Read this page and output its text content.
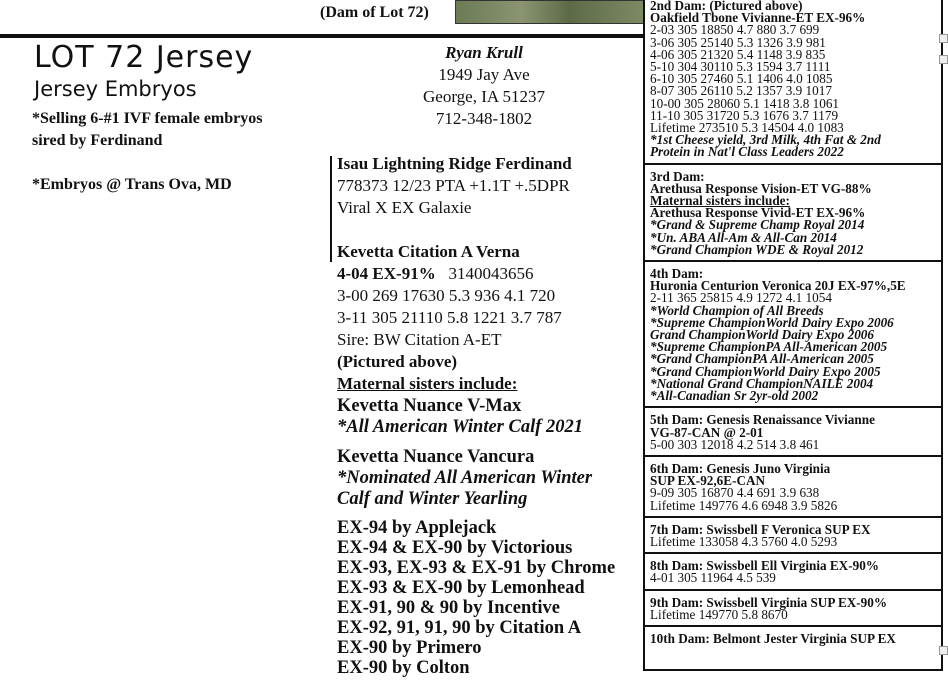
(Dam of Lot 72)
LOT 72 Jersey
Jersey Embryos
*Selling 6-#1 IVF female embryos
sired by Ferdinand
*Embryos @ Trans Ova, MD
Ryan Krull
1949 Jay Ave
George, IA 51237
712-348-1802
Isau Lightning Ridge Ferdinand
778373 12/23 PTA +1.1T +.5DPR
Viral X EX Galaxie
Kevetta Citation A Verna
4-04 EX-91% 3140043656
3-00 269 17630 5.3 936 4.1 720
3-11 305 21110 5.8 1221 3.7 787
Sire: BW Citation A-ET
(Pictured above)
Maternal sisters include:
Kevetta Nuance V-Max
*All American Winter Calf 2021
Kevetta Nuance Vancura
*Nominated All American Winter
Calf and Winter Yearling
EX-94 by Applejack
EX-94 & EX-90 by Victorious
EX-93, EX-93 & EX-91 by Chrome
EX-93 & EX-90 by Lemonhead
EX-91, 90 & 90 by Incentive
EX-92, 91, 91, 90 by Citation A
EX-90 by Primero
EX-90 by Colton
2nd Dam: (Pictured above)
Oakfield Tbone Vivianne-ET EX-96%
2-03 305 18850 4.7 880 3.7 699
3-06 305 25140 5.3 1326 3.9 981
4-06 305 21320 5.4 1148 3.9 835
5-10 304 30110 5.3 1594 3.7 1111
6-10 305 27460 5.1 1406 4.0 1085
8-07 305 26110 5.2 1357 3.9 1017
10-00 305 28060 5.1 1418 3.8 1061
11-10 305 31720 5.3 1676 3.7 1179
Lifetime 273510 5.3 14504 4.0 1083
*1st Cheese yield, 3rd Milk, 4th Fat & 2nd
Protein in Nat'l Class Leaders 2022
3rd Dam:
Arethusa Response Vision-ET VG-88%
Maternal sisters include:
Arethusa Response Vivid-ET EX-96%
*Grand & Supreme Champ Royal 2014
*Un. ABA All-Am & All-Can 2014
*Grand Champion WDE & Royal 2012
4th Dam:
Huronia Centurion Veronica 20J EX-97%,5E
2-11 365 25815 4.9 1272 4.1 1054
*World Champion of All Breeds
*Supreme ChampionWorld Dairy Expo 2006
Grand ChampionWorld Dairy Expo 2006
*Supreme ChampionPA All-American 2005
*Grand ChampionPA All-American 2005
*Grand ChampionWorld Dairy Expo 2005
*National Grand ChampionNAILE 2004
*All-Canadian Sr 2yr-old 2002
5th Dam: Genesis Renaissance Vivianne
VG-87-CAN @ 2-01
5-00 303 12018 4.2 514 3.8 461
6th Dam: Genesis Juno Virginia
SUP EX-92,6E-CAN
9-09 305 16870 4.4 691 3.9 638
Lifetime 149776 4.6 6948 3.9 5826
7th Dam: Swissbell F Veronica SUP EX
Lifetime 133058 4.3 5760 4.0 5293
8th Dam: Swissbell Ell Virginia EX-90%
4-01 305 11964 4.5 539
9th Dam: Swissbell Virginia SUP EX-90%
Lifetime 149770 5.8 8670
10th Dam: Belmont Jester Virginia SUP EX
